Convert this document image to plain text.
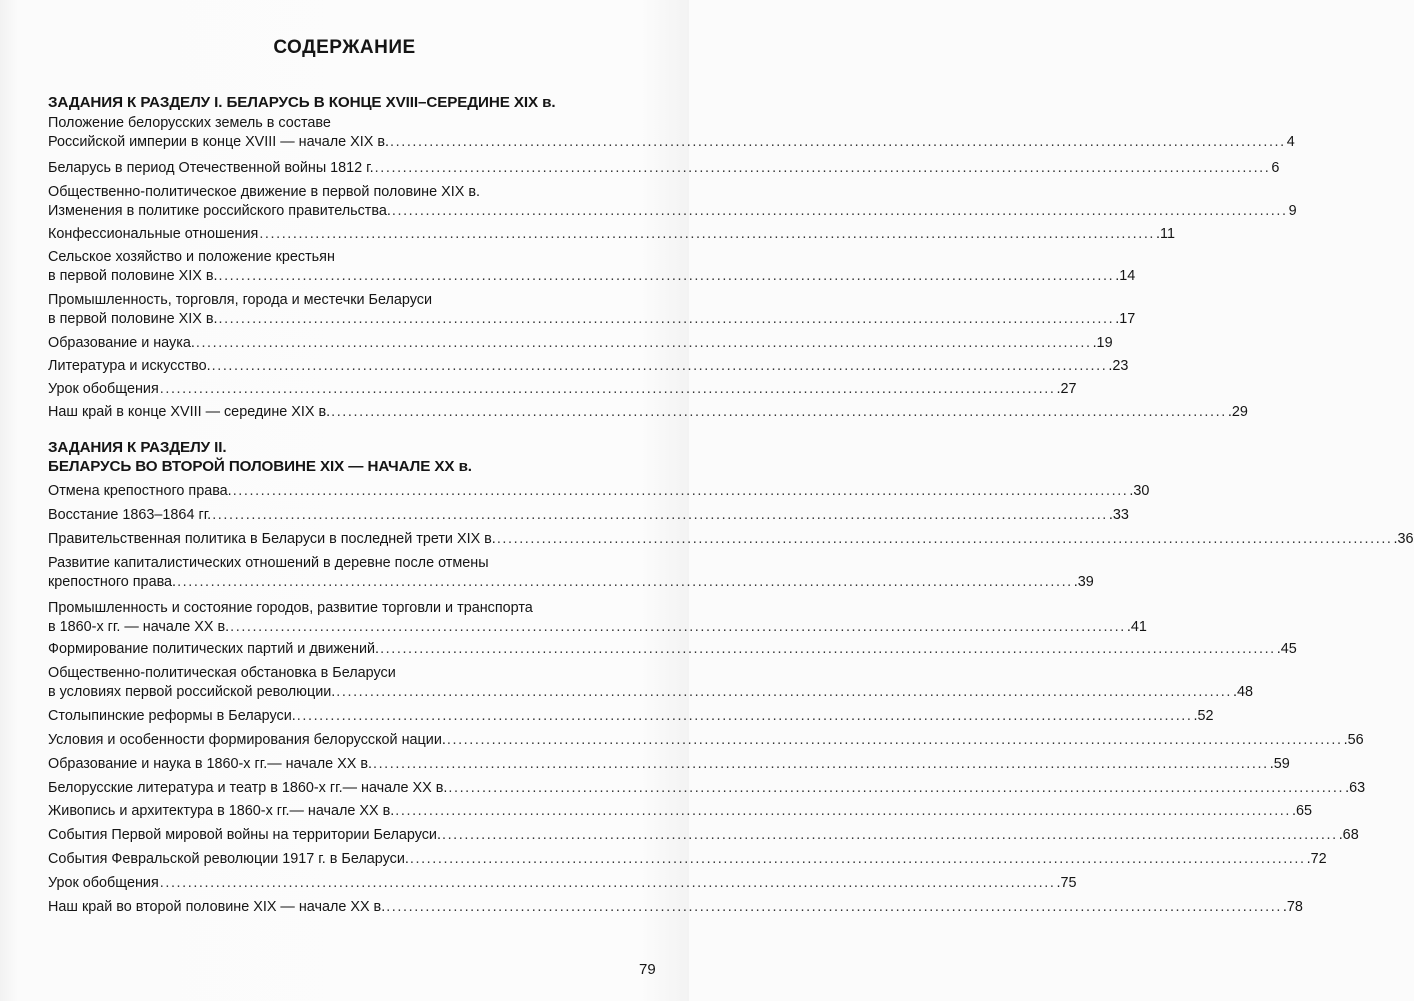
СОДЕРЖАНИЕ
ЗАДАНИЯ К РАЗДЕЛУ I. БЕЛАРУСЬ В КОНЦЕ XVIII–СЕРЕДИНЕ XIX в.
ЗАДАНИЯ К РАЗДЕЛУ II.
БЕЛАРУСЬ ВО ВТОРОЙ ПОЛОВИНЕ XIX — НАЧАЛЕ XX в.
Положение белорусских земель в составе
Российской империи в конце XVIII — начале XIX в. ................................................................................................................................................................ 4
Беларусь в период Отечественной войны 1812 г. ................................................................................................................................................................ 6
Общественно-политическое движение в первой половине XIX в.
Изменения в политике российского правительства. ................................................................................................................................................................ 9
Конфессиональные отношения ................................................................................................................................................................ .11
Сельское хозяйство и положение крестьян
в первой половине XIX в. ................................................................................................................................................................ .14
Промышленность, торговля, города и местечки Беларуси
в первой половине XIX в. ................................................................................................................................................................ .17
Образование и наука. ................................................................................................................................................................ .19
Литература и искусство. ................................................................................................................................................................ .23
Урок обобщения ................................................................................................................................................................ .27
Наш край в конце XVIII — середине XIX в. ................................................................................................................................................................ .29
Отмена крепостного права. ................................................................................................................................................................ .30
Восстание 1863–1864 гг. ................................................................................................................................................................ .33
Правительственная политика в Беларуси в последней трети XIX в. ................................................................................................................................................................ .36
Развитие капиталистических отношений в деревне после отмены
крепостного права. ................................................................................................................................................................ .39
Промышленность и состояние городов, развитие торговли и транспорта
в 1860-х гг. — начале XX в. ................................................................................................................................................................ .41
Формирование политических партий и движений. ................................................................................................................................................................ .45
Общественно-политическая обстановка в Беларуси
в условиях первой российской революции. ................................................................................................................................................................ .48
Столыпинские реформы в Беларуси. ................................................................................................................................................................ .52
Условия и особенности формирования белорусской нации. ................................................................................................................................................................ .56
Образование и наука в 1860-х гг.— начале XX в. ................................................................................................................................................................ .59
Белорусские литература и театр в 1860-х гг.— начале XX в. ................................................................................................................................................................ .63
Живопись и архитектура в 1860-х гг.— начале XX в. ................................................................................................................................................................ .65
События Первой мировой войны на территории Беларуси. ................................................................................................................................................................ .68
События Февральской революции 1917 г. в Беларуси. ................................................................................................................................................................ .72
Урок обобщения ................................................................................................................................................................ .75
Наш край во второй половине XIX — начале XX в. ................................................................................................................................................................ .78
79
